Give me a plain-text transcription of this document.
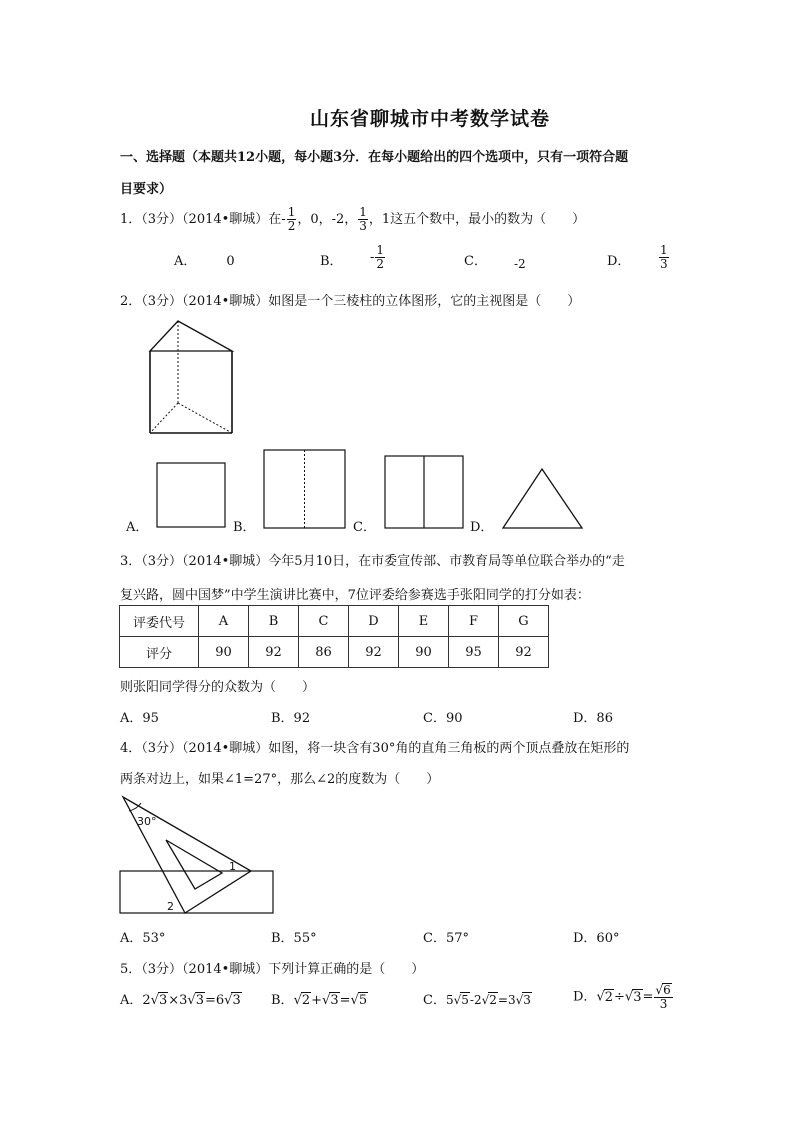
山东省聊城市中考数学试卷
一、选择题（本题共12小题，每小题3分．在每小题给出的四个选项中，只有一项符合题
目要求）
1．（3分）（2014•聊城）在- $\frac{1}{2}$ ，0，-2， $\frac{1}{3}$ ，1这五个数中，最小的数为（　　）
A． 0	B． - $\frac{1}{2}$	C． -2	D． $\frac{1}{3}$
2．（3分）（2014•聊城）如图是一个三棱柱的立体图形，它的主视图是（　　）
A．	B．	C．	D．
3．（3分）（2014•聊城）今年5月10日，在市委宣传部、市教育局等单位联合举办的“走
复兴路，圆中国梦”中学生演讲比赛中，7位评委给参赛选手张阳同学的打分如表：
评委代号	A	B	C	D	E	F	G
评分	90	92	86	92	90	95	92
则张阳同学得分的众数为（　　）
A．95	B．92	C．90	D．86
4．（3分）（2014•聊城）如图，将一块含有30°角的直角三角板的两个顶点叠放在矩形的
两条对边上，如果∠1=27°，那么∠2的度数为（　　）
30°
1
2
A．53°	B．55°	C．57°	D．60°
5．（3分）（2014•聊城）下列计算正确的是（　　）
A．2√3×3√3=6√3 B．√2+√3=√5	C．5√5-2√2=3√3	D．$√2\div√3= \frac{√6}{3}$
